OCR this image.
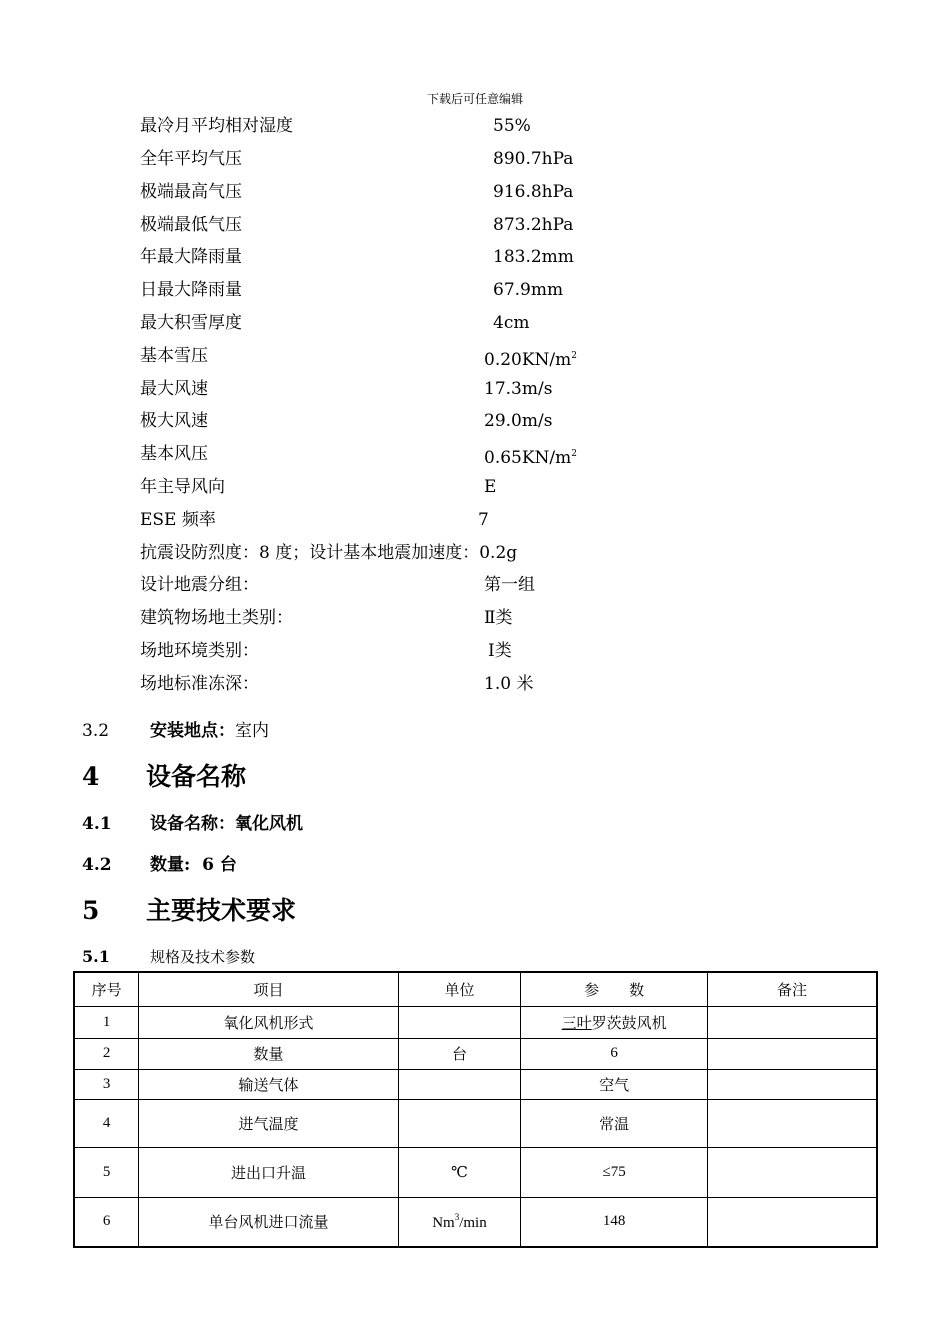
下载后可任意编辑
最冷月平均相对湿度	55%
全年平均气压	890.7hPa
极端最高气压	916.8hPa
极端最低气压	873.2hPa
年最大降雨量	183.2mm
日最大降雨量	67.9mm
最大积雪厚度	4cm
基本雪压	$0.20KN/m^2$
最大风速	17.3m/s
极大风速	29.0m/s
基本风压	$0.65KN/m^2$
年主导风向	E
ESE 频率	7
抗震设防烈度：8 度；设计基本地震加速度：0.2g
设计地震分组：	第一组
建筑物场地土类别：	Ⅱ类
场地环境类别：	Ⅰ类
场地标准冻深：	1.0 米
3.2 安装地点：室内
4 设备名称
4.1 设备名称：氧化风机
4.2 数量:  6 台
5 主要技术要求
5.1	规格及技术参数
序号	项目	单位	参　　数	备注
1	氧化风机形式		三叶罗茨鼓风机	
2	数量	台	6	
3	输送气体		空气	
4	进气温度		常温	
5	进出口升温	℃	≤75	
6	单台风机进口流量	Nm$^3$/min	148	
